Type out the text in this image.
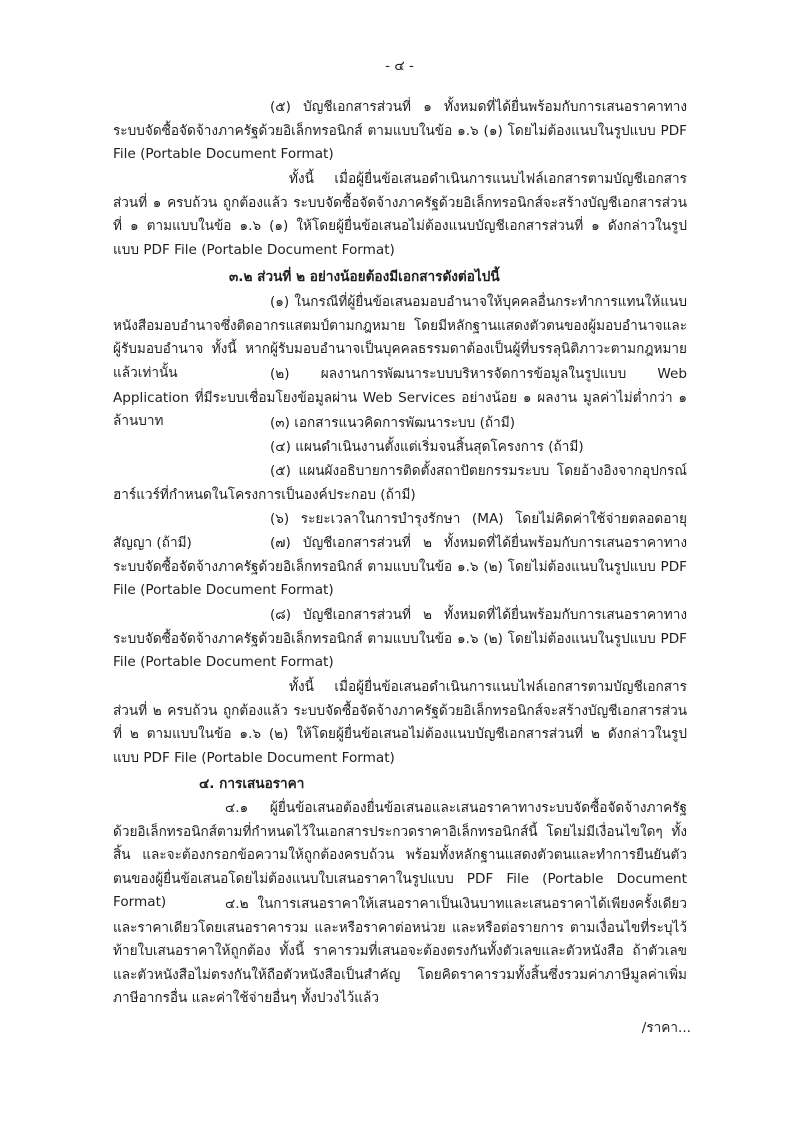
- ๔ -
(๕) บัญชีเอกสารส่วนที่ ๑ ทั้งหมดที่ได้ยื่นพร้อมกับการเสนอราคาทางระบบจัดซื้อจัดจ้างภาครัฐด้วยอิเล็กทรอนิกส์ ตามแบบในข้อ ๑.๖ (๑) โดยไม่ต้องแนบในรูปแบบ PDF File (Portable Document Format)
ทั้งนี้ เมื่อผู้ยื่นข้อเสนอดำเนินการแนบไฟล์เอกสารตามบัญชีเอกสารส่วนที่ ๑ ครบถ้วน ถูกต้องแล้ว ระบบจัดซื้อจัดจ้างภาครัฐด้วยอิเล็กทรอนิกส์จะสร้างบัญชีเอกสารส่วนที่ ๑ ตามแบบในข้อ ๑.๖ (๑) ให้โดยผู้ยื่นข้อเสนอไม่ต้องแนบบัญชีเอกสารส่วนที่ ๑ ดังกล่าวในรูปแบบ PDF File (Portable Document Format)
๓.๒ ส่วนที่ ๒ อย่างน้อยต้องมีเอกสารดังต่อไปนี้
(๑) ในกรณีที่ผู้ยื่นข้อเสนอมอบอำนาจให้บุคคลอื่นกระทำการแทนให้แนบหนังสือมอบอำนาจซึ่งติดอากรแสตมป์ตามกฎหมาย โดยมีหลักฐานแสดงตัวตนของผู้มอบอำนาจและผู้รับมอบอำนาจ ทั้งนี้ หากผู้รับมอบอำนาจเป็นบุคคลธรรมดาต้องเป็นผู้ที่บรรลุนิติภาวะตามกฎหมายแล้วเท่านั้น	(๒) ผลงานการพัฒนาระบบบริหารจัดการข้อมูลในรูปแบบ Web Application ที่มีระบบเชื่อมโยงข้อมูลผ่าน Web Services อย่างน้อย ๑ ผลงาน มูลค่าไม่ต่ำกว่า ๑ ล้านบาท	(๓) เอกสารแนวคิดการพัฒนาระบบ (ถ้ามี)
(๔) แผนดำเนินงานตั้งแต่เริ่มจนสิ้นสุดโครงการ (ถ้ามี)
(๕) แผนผังอธิบายการติดตั้งสถาปัตยกรรมระบบ โดยอ้างอิงจากอุปกรณ์ฮาร์แวร์ที่กำหนดในโครงการเป็นองค์ประกอบ (ถ้ามี)
(๖) ระยะเวลาในการบำรุงรักษา (MA) โดยไม่คิดค่าใช้จ่ายตลอดอายุสัญญา (ถ้ามี)	(๗) บัญชีเอกสารส่วนที่ ๒ ทั้งหมดที่ได้ยื่นพร้อมกับการเสนอราคาทางระบบจัดซื้อจัดจ้างภาครัฐด้วยอิเล็กทรอนิกส์ ตามแบบในข้อ ๑.๖ (๒) โดยไม่ต้องแนบในรูปแบบ PDF File (Portable Document Format)
(๘) บัญชีเอกสารส่วนที่ ๒ ทั้งหมดที่ได้ยื่นพร้อมกับการเสนอราคาทางระบบจัดซื้อจัดจ้างภาครัฐด้วยอิเล็กทรอนิกส์ ตามแบบในข้อ ๑.๖ (๒) โดยไม่ต้องแนบในรูปแบบ PDF File (Portable Document Format)
ทั้งนี้ เมื่อผู้ยื่นข้อเสนอดำเนินการแนบไฟล์เอกสารตามบัญชีเอกสารส่วนที่ ๒ ครบถ้วน ถูกต้องแล้ว ระบบจัดซื้อจัดจ้างภาครัฐด้วยอิเล็กทรอนิกส์จะสร้างบัญชีเอกสารส่วนที่ ๒ ตามแบบในข้อ ๑.๖ (๒) ให้โดยผู้ยื่นข้อเสนอไม่ต้องแนบบัญชีเอกสารส่วนที่ ๒ ดังกล่าวในรูปแบบ PDF File (Portable Document Format)
๔. การเสนอราคา
๔.๑ ผู้ยื่นข้อเสนอต้องยื่นข้อเสนอและเสนอราคาทางระบบจัดซื้อจัดจ้างภาครัฐด้วยอิเล็กทรอนิกส์ตามที่กำหนดไว้ในเอกสารประกวดราคาอิเล็กทรอนิกส์นี้ โดยไม่มีเงื่อนไขใดๆ ทั้งสิ้น และจะต้องกรอกข้อความให้ถูกต้องครบถ้วน พร้อมทั้งหลักฐานแสดงตัวตนและทำการยืนยันตัวตนของผู้ยื่นข้อเสนอโดยไม่ต้องแนบใบเสนอราคาในรูปแบบ PDF File (Portable Document Format)	๔.๒ ในการเสนอราคาให้เสนอราคาเป็นเงินบาทและเสนอราคาได้เพียงครั้งเดียวและราคาเดียวโดยเสนอราคารวม และหรือราคาต่อหน่วย และหรือต่อรายการ ตามเงื่อนไขที่ระบุไว้ท้ายใบเสนอราคาให้ถูกต้อง ทั้งนี้ ราคารวมที่เสนอจะต้องตรงกันทั้งตัวเลขและตัวหนังสือ ถ้าตัวเลขและตัวหนังสือไม่ตรงกันให้ถือตัวหนังสือเป็นสำคัญ โดยคิดราคารวมทั้งสิ้นซึ่งรวมค่าภาษีมูลค่าเพิ่ม ภาษีอากรอื่น และค่าใช้จ่ายอื่นๆ ทั้งปวงไว้แล้ว
/ราคา...
